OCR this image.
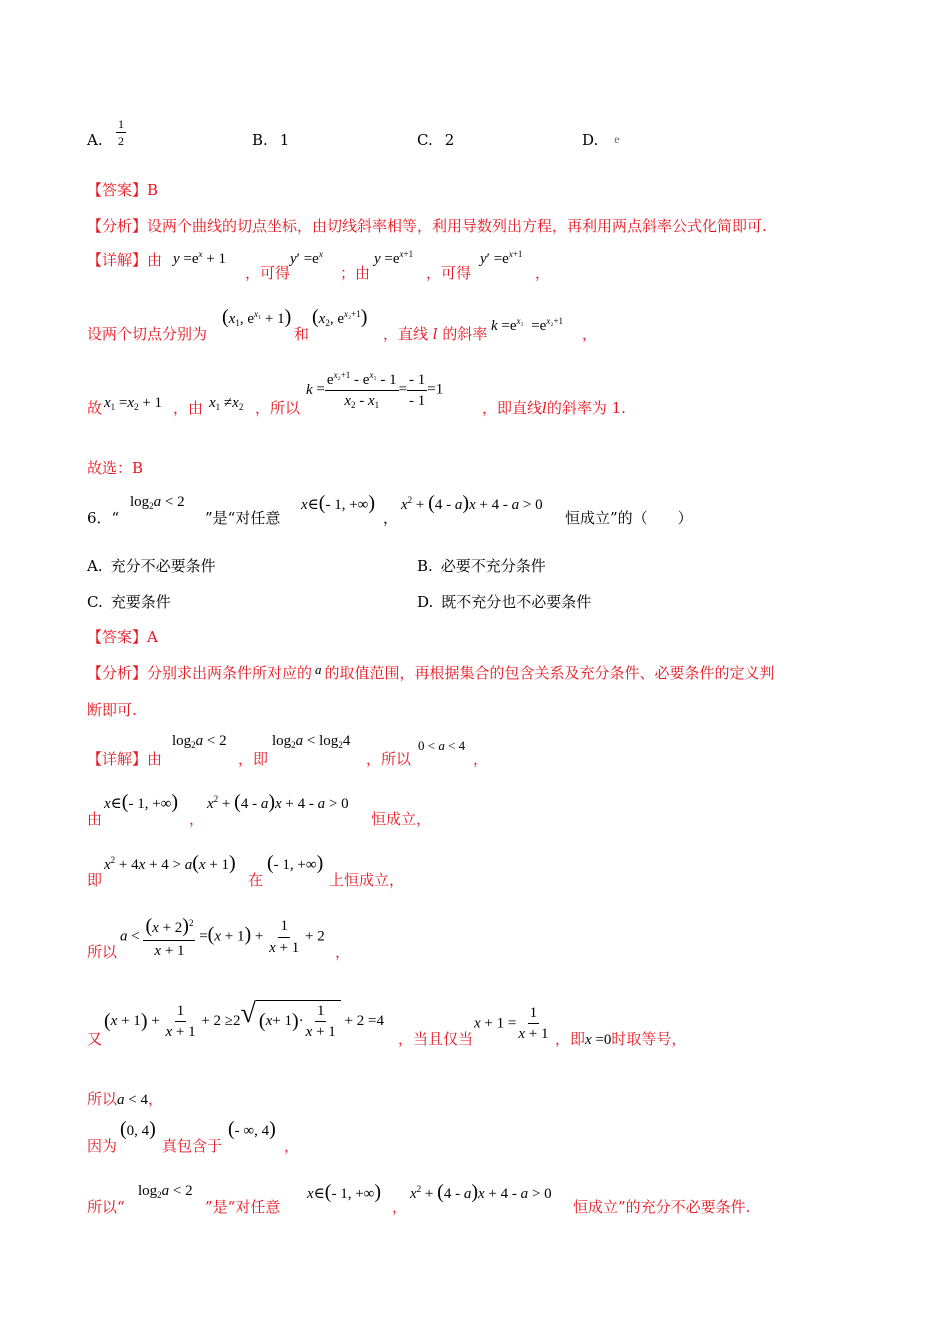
A. $\frac{1}{2}$	B. 1	C. 2	D. e
【答案】B
【分析】设两个曲线的切点坐标，由切线斜率相等，利用导数列出方程，再利用两点斜率公式化简即可.
【详解】由 $y =e^x + 1$
，可得
$y' =e^x$
；由
$y =e^{x+1}$
，可得
$y' =e^{x+1}$
，
设两个切点分别为
($x_1$, $e^{x_1} + 1$)
和
($x_2$, $e^{x_2+1}$)
，直线 l 的斜率 $k =e^{x_1} =e^{x_2+1}$
，
故 $x_1 =x_2 + 1$ ，由 $x_1 \ne x_2$ ，所以
$k = \frac{e^{x_2+1} - e^{x_1} - 1}{x_2 - x_1} = \frac{- 1}{- 1} =1$
，即直线l的斜率为 1.
故选：B
6．“
$\log_2a < 2$
”是“对任意
x∈(- 1, +∞)
，
$x^2 + (4 - a)x + 4 - a > 0$
恒成立”的（　　）
A. 充分不必要条件	B. 必要不充分条件
C. 充要条件	D. 既不充分也不必要条件
【答案】A
【分析】分别求出两条件所对应的 a 的取值范围，再根据集合的包含关系及充分条件、必要条件的定义判
断即可.
【详解】由
$\log_2a < 2$
，即
$\log_2a < \log_24$
，所以
0 < a < 4
，
由
x∈(- 1, +∞)
，
$x^2 + (4 - a)x + 4 - a > 0$
恒成立，
即
$x^2 + 4x + 4 > a(x + 1)$
在
(- 1, +∞)
上恒成立，
所以
$a < \frac{(x + 2)^2}{x + 1} =(x + 1) + \frac{1}{x + 1} + 2$
，
又
$(x + 1) + \frac{1}{x + 1} + 2 \ge 2$ √ ( x + 1 ) · $\frac{1}{x + 1} + 2 =4$
，当且仅当
$x + 1 = \frac{1}{x + 1}$ ，即x =0时取等号，
所以a < 4，
因为
(0, 4)
真包含于
(- ∞, 4)
，
所以“
$\log_2a < 2$
”是“对任意
x∈(- 1, +∞)
，
$x^2 + (4 - a)x + 4 - a > 0$
恒成立”的充分不必要条件.
